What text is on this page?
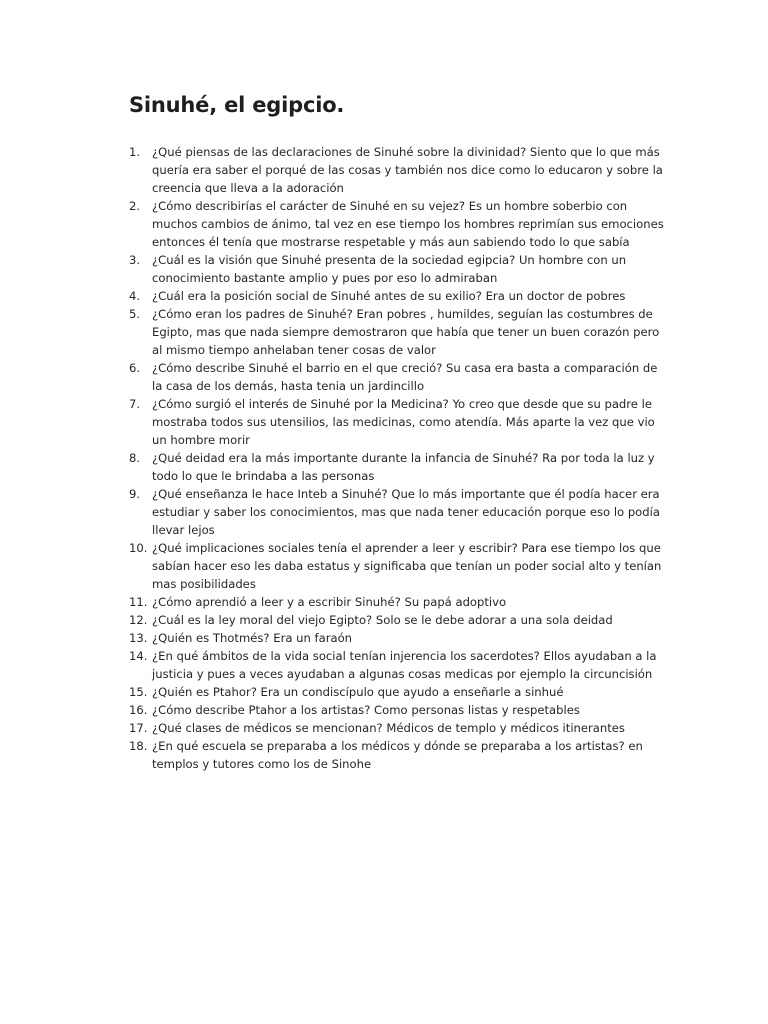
Sinuhé, el egipcio.
1.	¿Qué piensas de las declaraciones de Sinuhé sobre la divinidad? Siento que lo que más quería era saber el porqué de las cosas y también nos dice como lo educaron y sobre la creencia que lleva a la adoración
2.	¿Cómo describirías el carácter de Sinuhé en su vejez? Es un hombre soberbio con muchos cambios de ánimo, tal vez en ese tiempo los hombres reprimían sus emociones entonces él tenía que mostrarse respetable y más aun sabiendo todo lo que sabía
3.	¿Cuál es la visión que Sinuhé presenta de la sociedad egipcia? Un hombre con un conocimiento bastante amplio y pues por eso lo admiraban
4.	¿Cuál era la posición social de Sinuhé antes de su exilio? Era un doctor de pobres
5.	¿Cómo eran los padres de Sinuhé? Eran pobres , humildes, seguían las costumbres de Egipto, mas que nada siempre demostraron que había que tener un buen corazón pero al mismo tiempo anhelaban tener cosas de valor
6.	¿Cómo describe Sinuhé el barrio en el que creció? Su casa era basta a comparación de la casa de los demás, hasta tenia un jardincillo
7.	¿Cómo surgió el interés de Sinuhé por la Medicina? Yo creo que desde que su padre le mostraba todos sus utensilios, las medicinas, como atendía. Más aparte la vez que vio un hombre morir
8.	¿Qué deidad era la más importante durante la infancia de Sinuhé? Ra por toda la luz y todo lo que le brindaba a las personas
9.	¿Qué enseñanza le hace Inteb a Sinuhé? Que lo más importante que él podía hacer era estudiar y saber los conocimientos, mas que nada tener educación porque eso lo podía llevar lejos
10. ¿Qué implicaciones sociales tenía el aprender a leer y escribir? Para ese tiempo los que sabían hacer eso les daba estatus y significaba que tenían un poder social alto y tenían mas posibilidades
11. ¿Cómo aprendió a leer y a escribir Sinuhé? Su papá adoptivo
12. ¿Cuál es la ley moral del viejo Egipto? Solo se le debe adorar a una sola deidad
13. ¿Quién es Thotmés? Era un faraón
14. ¿En qué ámbitos de la vida social tenían injerencia los sacerdotes? Ellos ayudaban a la justicia y pues a veces ayudaban a algunas cosas medicas por ejemplo la circuncisión
15. ¿Quién es Ptahor? Era un condiscípulo que ayudo a enseñarle a sinhué
16. ¿Cómo describe Ptahor a los artistas? Como personas listas y respetables
17. ¿Qué clases de médicos se mencionan? Médicos de templo y médicos itinerantes
18. ¿En qué escuela se preparaba a los médicos y dónde se preparaba a los artistas? en templos y tutores como los de Sinohe
